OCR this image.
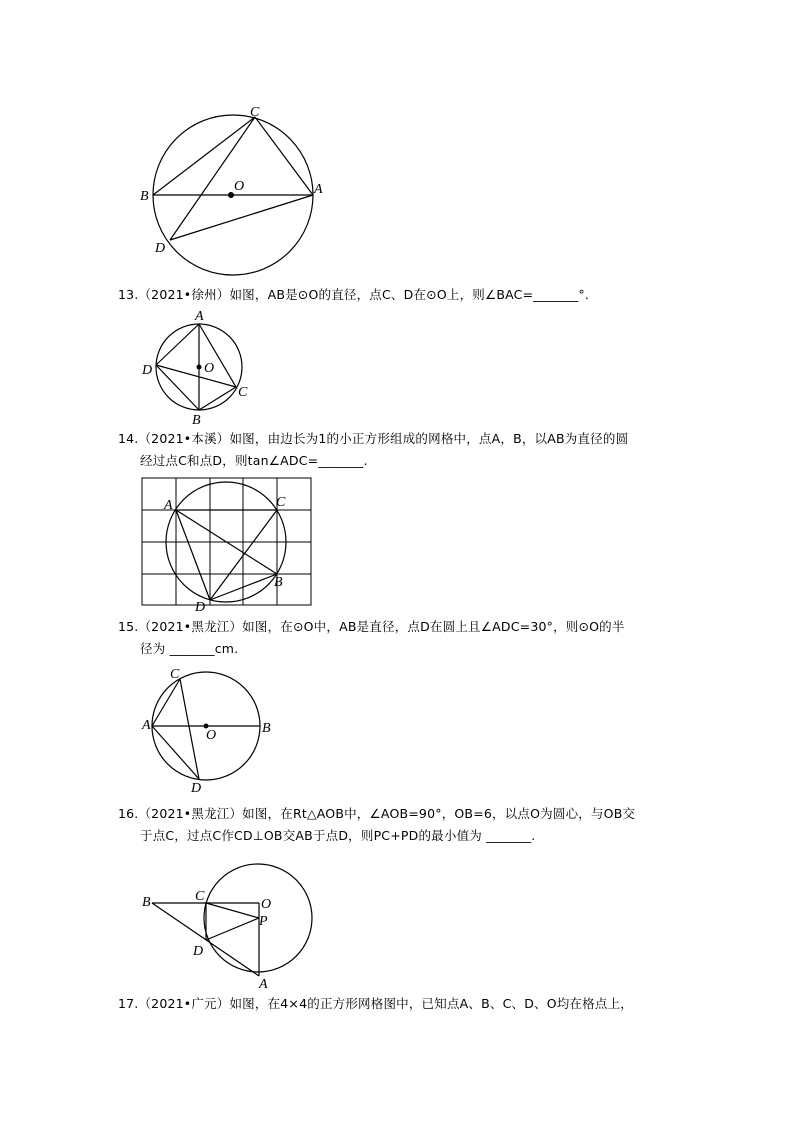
B	A
C
D
O
13.（2021•徐州）如图，AB是⊙O的直径，点C、D在⊙O上，则∠BAC=_______°.
A
D	O
C
B
14.（2021•本溪）如图，由边长为1的小正方形组成的网格中，点A，B，以AB为直径的圆
经过点C和点D，则tan∠ADC=_______.
A	C
B
D
15.（2021•黑龙江）如图，在⊙O中，AB是直径，点D在圆上且∠ADC=30°，则⊙O的半
径为 _______cm.
C
A
O	B
D
16.（2021•黑龙江）如图，在Rt△AOB中，∠AOB=90°，OB=6，以点O为圆心，与OB交
于点C，过点C作CD⊥OB交AB于点D，则PC+PD的最小值为 _______.
B	C
O
P
D
A
17.（2021•广元）如图，在4×4的正方形网格图中，已知点A、B、C、D、O均在格点上，
